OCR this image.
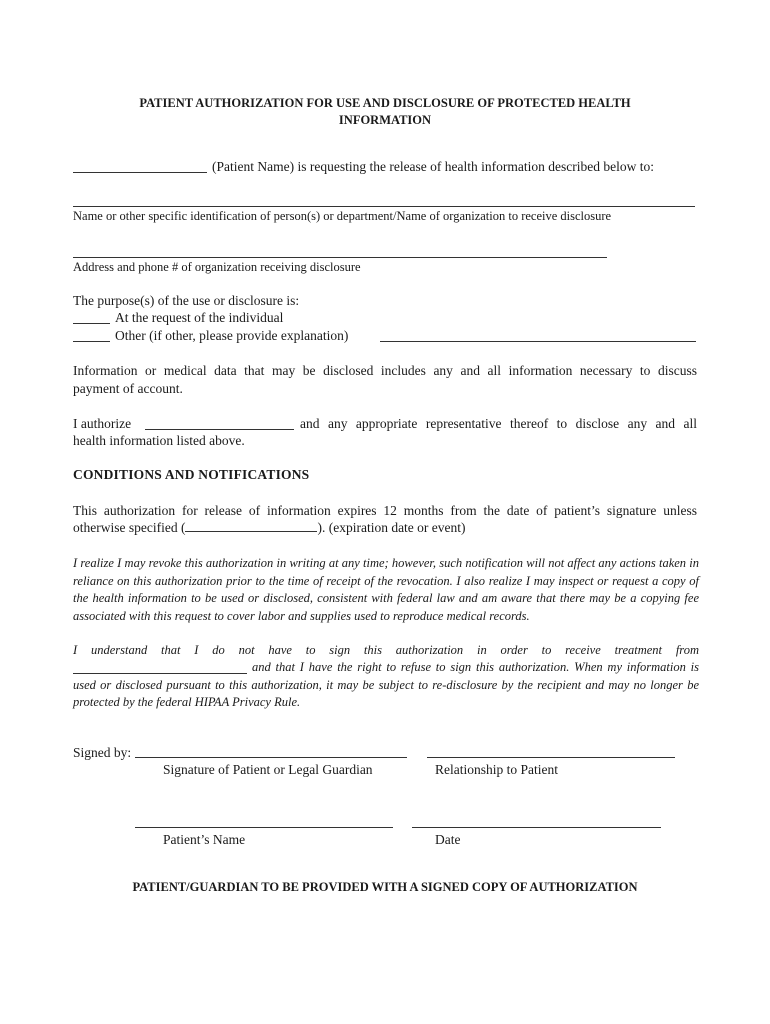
PATIENT AUTHORIZATION FOR USE AND DISCLOSURE OF PROTECTED HEALTH
INFORMATION
(Patient Name) is requesting the release of health information described below to:
Name or other specific identification of person(s) or department/Name of organization to receive disclosure
Address and phone # of organization receiving disclosure
The purpose(s) of the use or disclosure is:
At the request of the individual
Other (if other, please provide explanation)
Information or medical data that may be disclosed includes any and all information necessary to discuss
payment of account.
I authorize	and any appropriate representative thereof to disclose any and all
health information listed above.
CONDITIONS AND NOTIFICATIONS
This authorization for release of information expires 12 months from the date of patient’s signature unless
otherwise specified (	). (expiration date or event)
I realize I may revoke this authorization in writing at any time; however, such notification will not affect any actions taken in reliance on this authorization prior to the time of receipt of the revocation. I also realize I may inspect or request a copy of the health information to be used or disclosed, consistent with federal law and am aware that there may be a copying fee associated with this request to cover labor and supplies used to reproduce medical records.
I understand that I do not have to sign this authorization in order to receive treatment from
and that I have the right to refuse to sign this authorization. When my information is
used or disclosed pursuant to this authorization, it may be subject to re-disclosure by the recipient and may no longer be
protected by the federal HIPAA Privacy Rule.
Signed by:
Signature of Patient or Legal Guardian	Relationship to Patient
Patient’s Name	Date
PATIENT/GUARDIAN TO BE PROVIDED WITH A SIGNED COPY OF AUTHORIZATION
